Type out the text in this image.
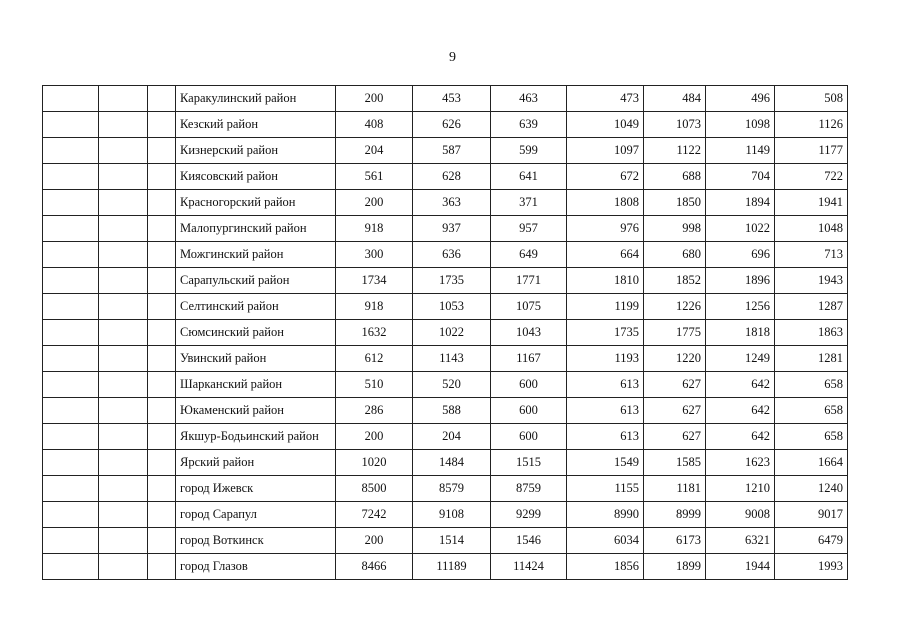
9
			Каракулинский район	200	453	463	473	484	496	508
			Кезский район	408	626	639	1049	1073	1098	1126
			Кизнерский район	204	587	599	1097	1122	1149	1177
			Киясовский район	561	628	641	672	688	704	722
			Красногорский район	200	363	371	1808	1850	1894	1941
			Малопургинский район	918	937	957	976	998	1022	1048
			Можгинский район	300	636	649	664	680	696	713
			Сарапульский район	1734	1735	1771	1810	1852	1896	1943
			Селтинский район	918	1053	1075	1199	1226	1256	1287
			Сюмсинский район	1632	1022	1043	1735	1775	1818	1863
			Увинский район	612	1143	1167	1193	1220	1249	1281
			Шарканский район	510	520	600	613	627	642	658
			Юкаменский район	286	588	600	613	627	642	658
			Якшур-Бодьинский район	200	204	600	613	627	642	658
			Ярский район	1020	1484	1515	1549	1585	1623	1664
			город Ижевск	8500	8579	8759	1155	1181	1210	1240
			город Сарапул	7242	9108	9299	8990	8999	9008	9017
			город Воткинск	200	1514	1546	6034	6173	6321	6479
			город Глазов	8466	11189	11424	1856	1899	1944	1993
